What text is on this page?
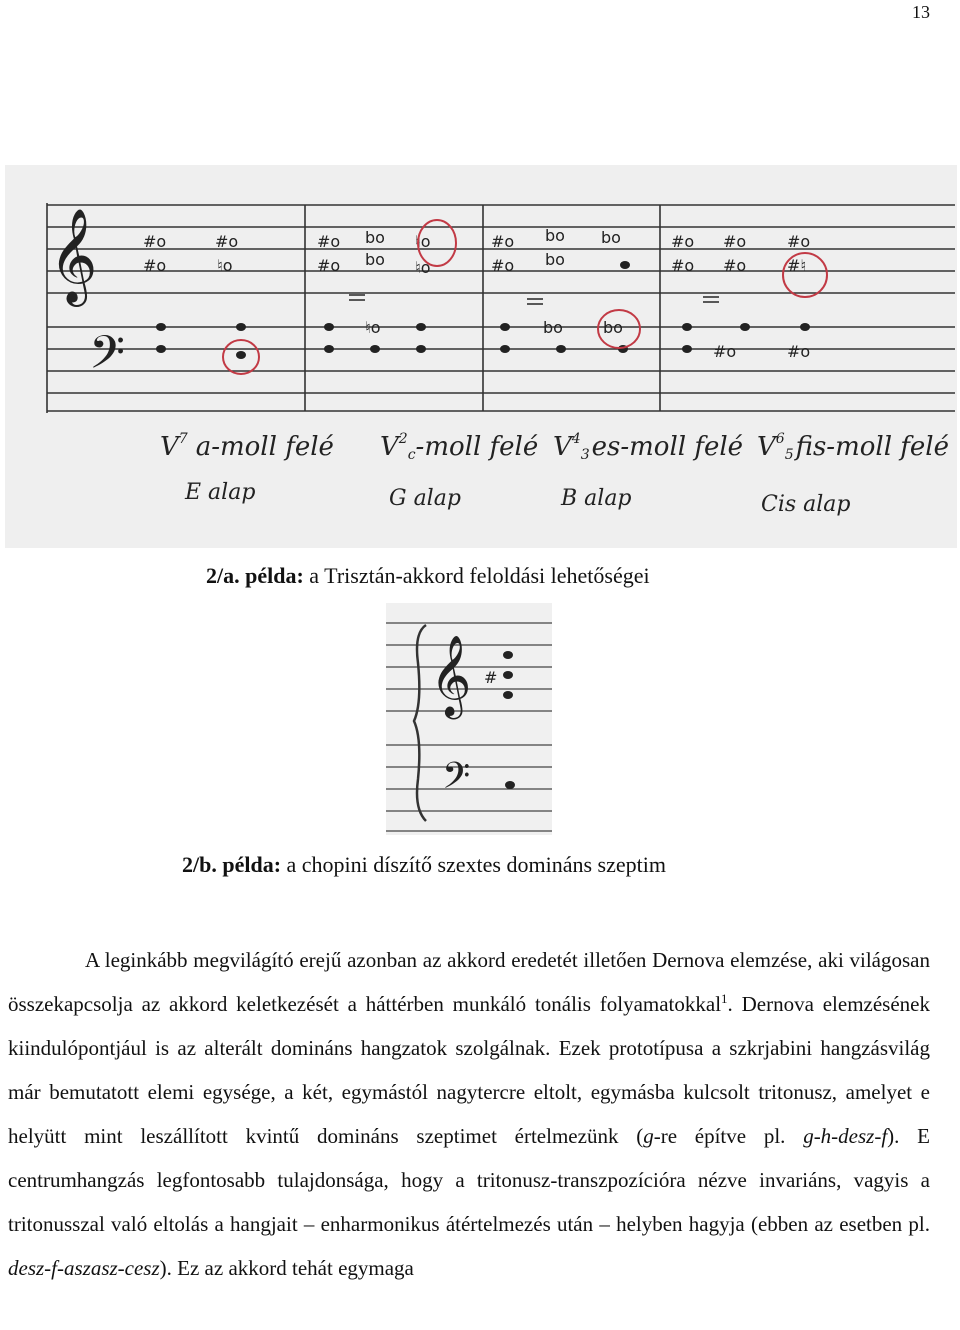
13
𝄞
𝄢
#o
#o
#o
♮o
#o
#o
bo
bo
♮o
♮o
♮o
#o
#o
bo
bo
bo
bo	bo
#o
#o
#o
#o
#o
#♮
#o	#o
$V^7$ a-moll felé $V^2_c$-moll felé $V^4_3es$-moll felé $V^6_5fis$-moll felé
E alap	G alap	B alap	Cis alap
2/a. példa: a Trisztán-akkord feloldási lehetőségei
𝄞
𝄢
#
2/b. példa: a chopini díszítő szextes domináns szeptim

A leginkább megvilágító erejű azonban az akkord eredetét illetően Dernova elemzése, aki világosan összekapcsolja az akkord keletkezését a háttérben munkáló tonális folyamatokkal$^1$. Dernova elemzésének kiindulópontjául is az alterált domináns hangzatok szolgálnak. Ezek prototípusa a szkrjabini hangzásvilág már bemutatott elemi egysége, a két, egymástól nagytercre eltolt, egymásba kulcsolt tritonusz, amelyet e helyütt mint leszállított kvintű domináns szeptimet értelmezünk (g-re építve pl. g-h-desz-f). E centrumhangzás legfontosabb tulajdonsága, hogy a tritonusz-transzpozícióra nézve invariáns, vagyis a tritonusszal való eltolás a hangjait – enharmonikus átértelmezés után – helyben hagyja (ebben az esetben pl. desz-f-aszasz-cesz). Ez az akkord tehát egymaga
